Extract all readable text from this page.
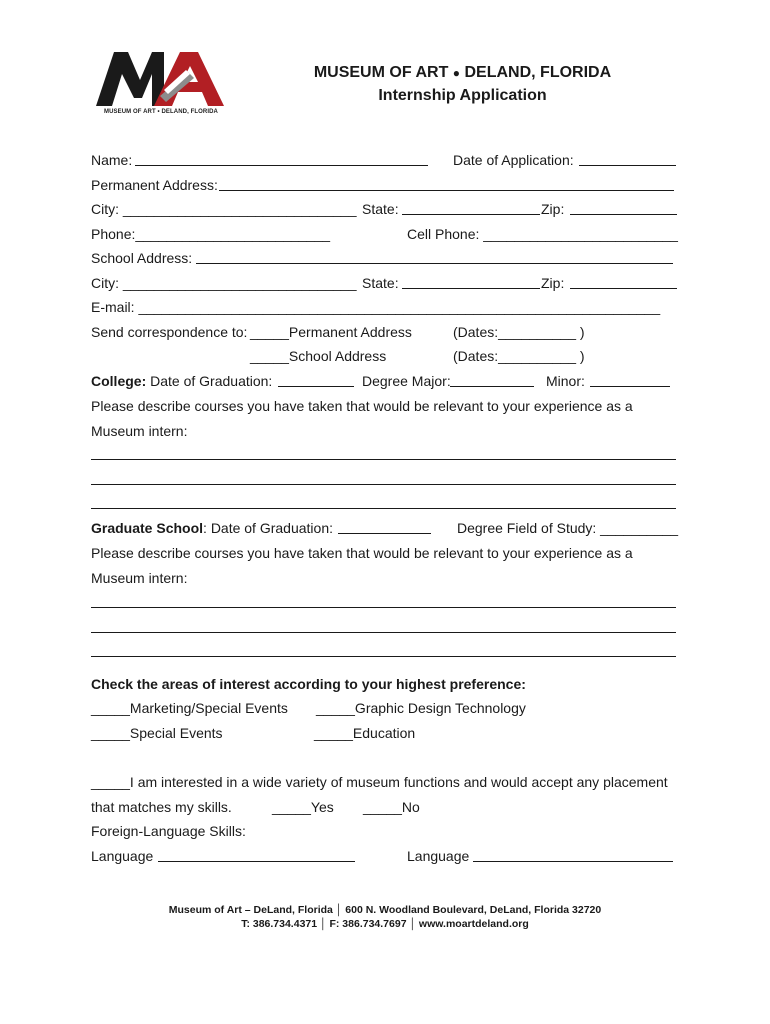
MUSEUM OF ART • DELAND, FLORIDA
MUSEUM OF ART ● DELAND, FLORIDA
Internship Application
Name:	Date of Application:
Permanent Address:
City: ______________________________ State:	Zip:
Phone:_________________________	Cell Phone: _________________________
School Address:
City: ______________________________ State:	Zip:
E-mail: ___________________________________________________________________
Send correspondence to: _____Permanent Address	(Dates:__________ )
_____School Address	(Dates:__________ )
College: Date of Graduation:	Degree Major:	Minor:
Please describe courses you have taken that would be relevant to your experience as a
Museum intern:
Graduate School: Date of Graduation:	Degree Field of Study: __________
Please describe courses you have taken that would be relevant to your experience as a
Museum intern:
Check the areas of interest according to your highest preference:
_____Marketing/Special Events _____Graphic Design Technology
_____Special Events	_____Education
_____I am interested in a wide variety of museum functions and would accept any placement
that matches my skills.	_____Yes _____No
Foreign-Language Skills:
Language	Language
Museum of Art – DeLand, Florida │ 600 N. Woodland Boulevard, DeLand, Florida 32720
T: 386.734.4371 │ F: 386.734.7697 │ www.moartdeland.org
